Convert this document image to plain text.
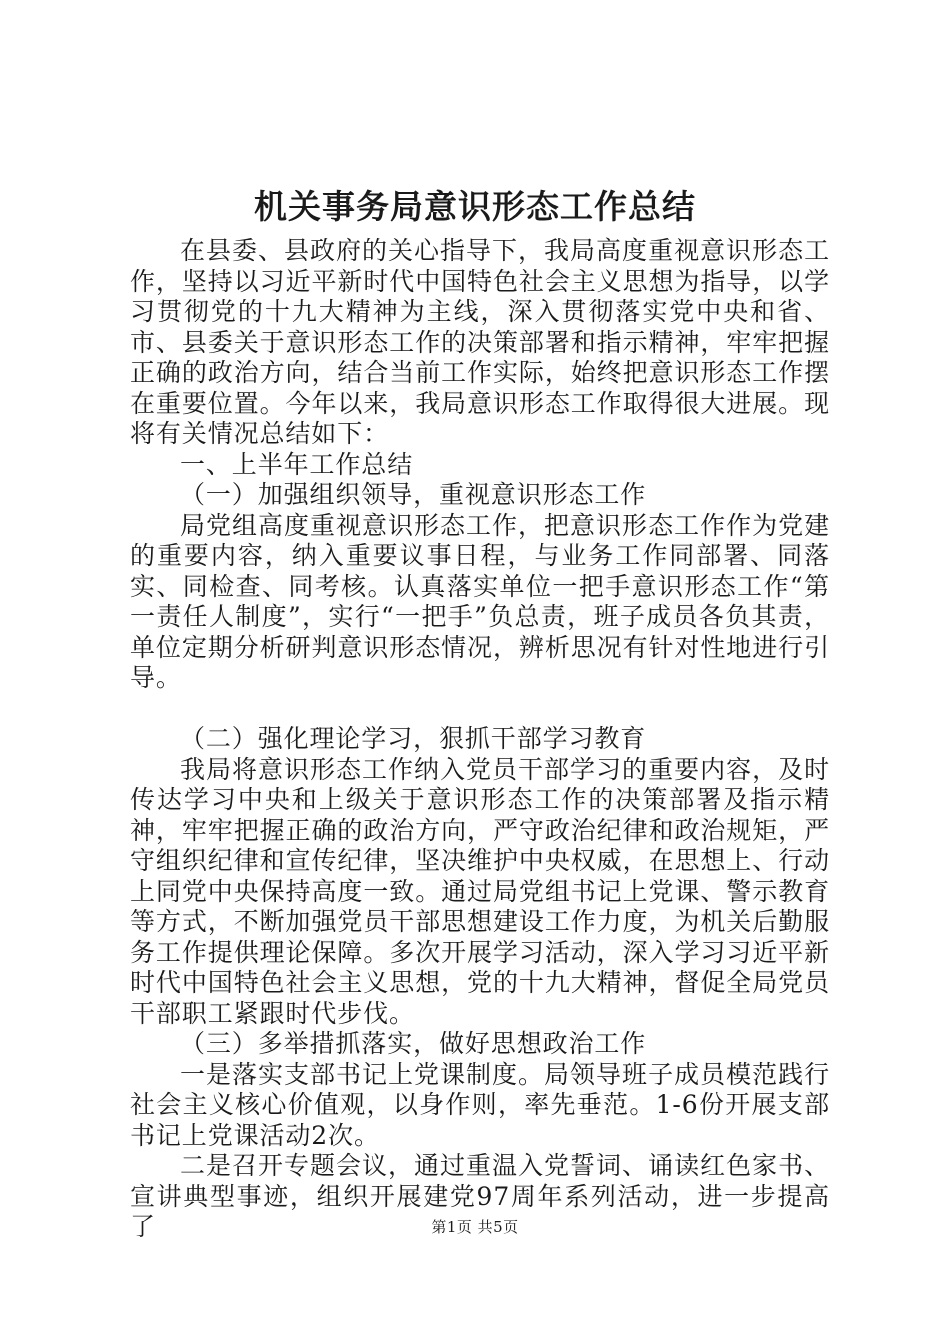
机关事务局意识形态工作总结

在县委、县政府的关心指导下，我局高度重视意识形态工作，坚持以习近平新时代中国特色社会主义思想为指导，以学习贯彻党的十九大精神为主线，深入贯彻落实党中央和省、市、县委关于意识形态工作的决策部署和指示精神，牢牢把握正确的政治方向，结合当前工作实际，始终把意识形态工作摆在重要位置。今年以来，我局意识形态工作取得很大进展。现将有关情况总结如下：

一、上半年工作总结

（一）加强组织领导，重视意识形态工作

局党组高度重视意识形态工作，把意识形态工作作为党建的重要内容，纳入重要议事日程，与业务工作同部署、同落实、同检查、同考核。认真落实单位一把手意识形态工作“第一责任人制度”，实行“一把手”负总责，班子成员各负其责，单位定期分析研判意识形态情况，辨析思况有针对性地进行引导。

（二）强化理论学习，狠抓干部学习教育

我局将意识形态工作纳入党员干部学习的重要内容，及时传达学习中央和上级关于意识形态工作的决策部署及指示精神，牢牢把握正确的政治方向，严守政治纪律和政治规矩，严守组织纪律和宣传纪律，坚决维护中央权威，在思想上、行动上同党中央保持高度一致。通过局党组书记上党课、警示教育等方式，不断加强党员干部思想建设工作力度，为机关后勤服务工作提供理论保障。多次开展学习活动，深入学习习近平新时代中国特色社会主义思想，党的十九大精神，督促全局党员干部职工紧跟时代步伐。

（三）多举措抓落实，做好思想政治工作

一是落实支部书记上党课制度。局领导班子成员模范践行社会主义核心价值观，以身作则，率先垂范。1-6份开展支部书记上党课活动2次。

二是召开专题会议，通过重温入党誓词、诵读红色家书、宣讲典型事迹，组织开展建党97周年系列活动，进一步提高了	第1页 共5页
